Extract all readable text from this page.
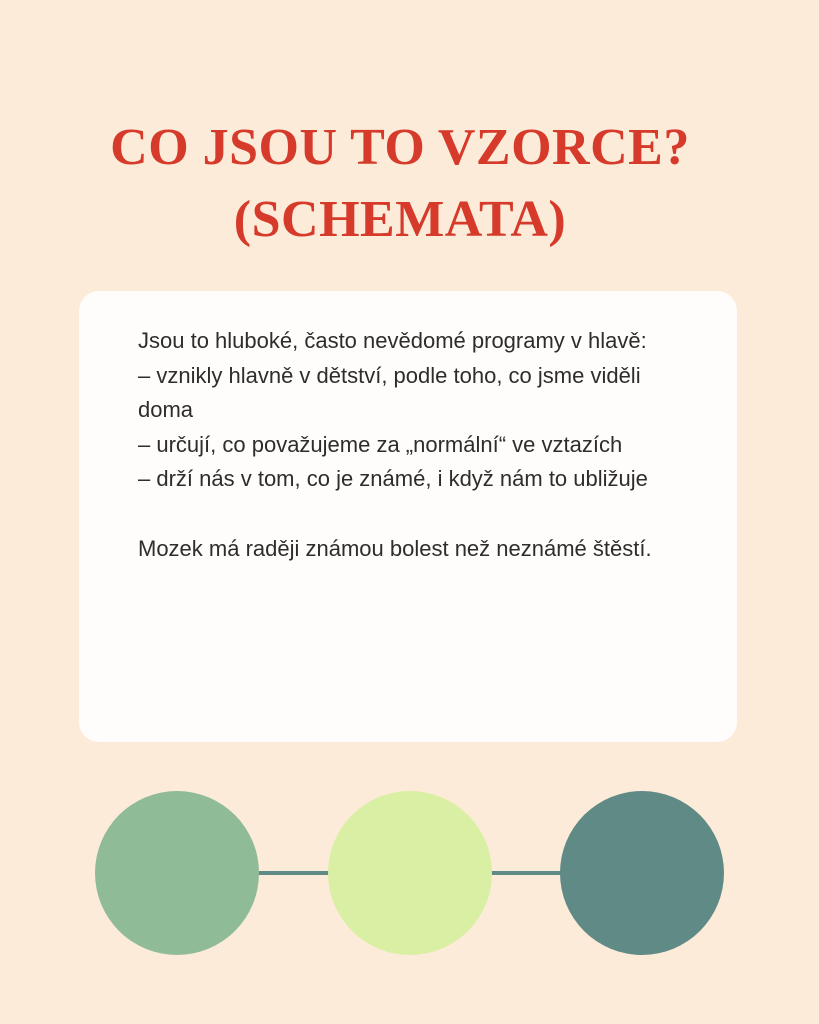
CO JSOU TO VZORCE?
(SCHEMATA)

Jsou to hluboké, často nevědomé programy v hlavě:

– vznikly hlavně v dětství, podle toho, co jsme viděli doma

– určují, co považujeme za „normální“ ve vztazích

– drží nás v tom, co je známé, i když nám to ubližuje

Mozek má raději známou bolest než neznámé štěstí.
